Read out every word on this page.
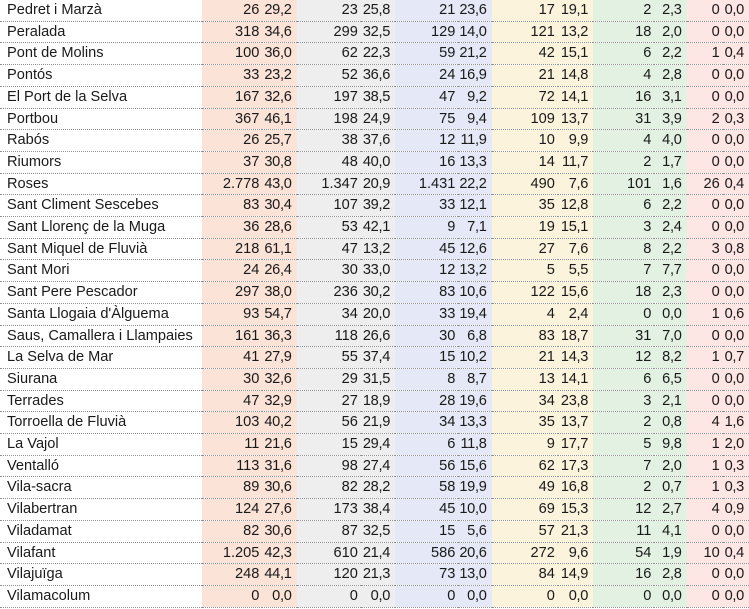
Pedret i Marzà	26	29,2	23	25,8	21	23,6	17	19,1	2	2,3	0	0,0
Peralada	318	34,6	299	32,5	129	14,0	121	13,2	18	2,0	0	0,0
Pont de Molins	100	36,0	62	22,3	59	21,2	42	15,1	6	2,2	1	0,4
Pontós	33	23,2	52	36,6	24	16,9	21	14,8	4	2,8	0	0,0
El Port de la Selva	167	32,6	197	38,5	47	9,2	72	14,1	16	3,1	0	0,0
Portbou	367	46,1	198	24,9	75	9,4	109	13,7	31	3,9	2	0,3
Rabós	26	25,7	38	37,6	12	11,9	10	9,9	4	4,0	0	0,0
Riumors	37	30,8	48	40,0	16	13,3	14	11,7	2	1,7	0	0,0
Roses	2.778	43,0	1.347	20,9	1.431	22,2	490	7,6	101	1,6	26	0,4
Sant Climent Sescebes	83	30,4	107	39,2	33	12,1	35	12,8	6	2,2	0	0,0
Sant Llorenç de la Muga	36	28,6	53	42,1	9	7,1	19	15,1	3	2,4	0	0,0
Sant Miquel de Fluvià	218	61,1	47	13,2	45	12,6	27	7,6	8	2,2	3	0,8
Sant Mori	24	26,4	30	33,0	12	13,2	5	5,5	7	7,7	0	0,0
Sant Pere Pescador	297	38,0	236	30,2	83	10,6	122	15,6	18	2,3	0	0,0
Santa Llogaia d'Àlguema	93	54,7	34	20,0	33	19,4	4	2,4	0	0,0	1	0,6
Saus, Camallera i Llampaies	161	36,3	118	26,6	30	6,8	83	18,7	31	7,0	0	0,0
La Selva de Mar	41	27,9	55	37,4	15	10,2	21	14,3	12	8,2	1	0,7
Siurana	30	32,6	29	31,5	8	8,7	13	14,1	6	6,5	0	0,0
Terrades	47	32,9	27	18,9	28	19,6	34	23,8	3	2,1	0	0,0
Torroella de Fluvià	103	40,2	56	21,9	34	13,3	35	13,7	2	0,8	4	1,6
La Vajol	11	21,6	15	29,4	6	11,8	9	17,7	5	9,8	1	2,0
Ventalló	113	31,6	98	27,4	56	15,6	62	17,3	7	2,0	1	0,3
Vila-sacra	89	30,6	82	28,2	58	19,9	49	16,8	2	0,7	1	0,3
Vilabertran	124	27,6	173	38,4	45	10,0	69	15,3	12	2,7	4	0,9
Viladamat	82	30,6	87	32,5	15	5,6	57	21,3	11	4,1	0	0,0
Vilafant	1.205	42,3	610	21,4	586	20,6	272	9,6	54	1,9	10	0,4
Vilajuïga	248	44,1	120	21,3	73	13,0	84	14,9	16	2,8	0	0,0
Vilamacolum	0	0,0	0	0,0	0	0,0	0	0,0	0	0,0	0	0,0
